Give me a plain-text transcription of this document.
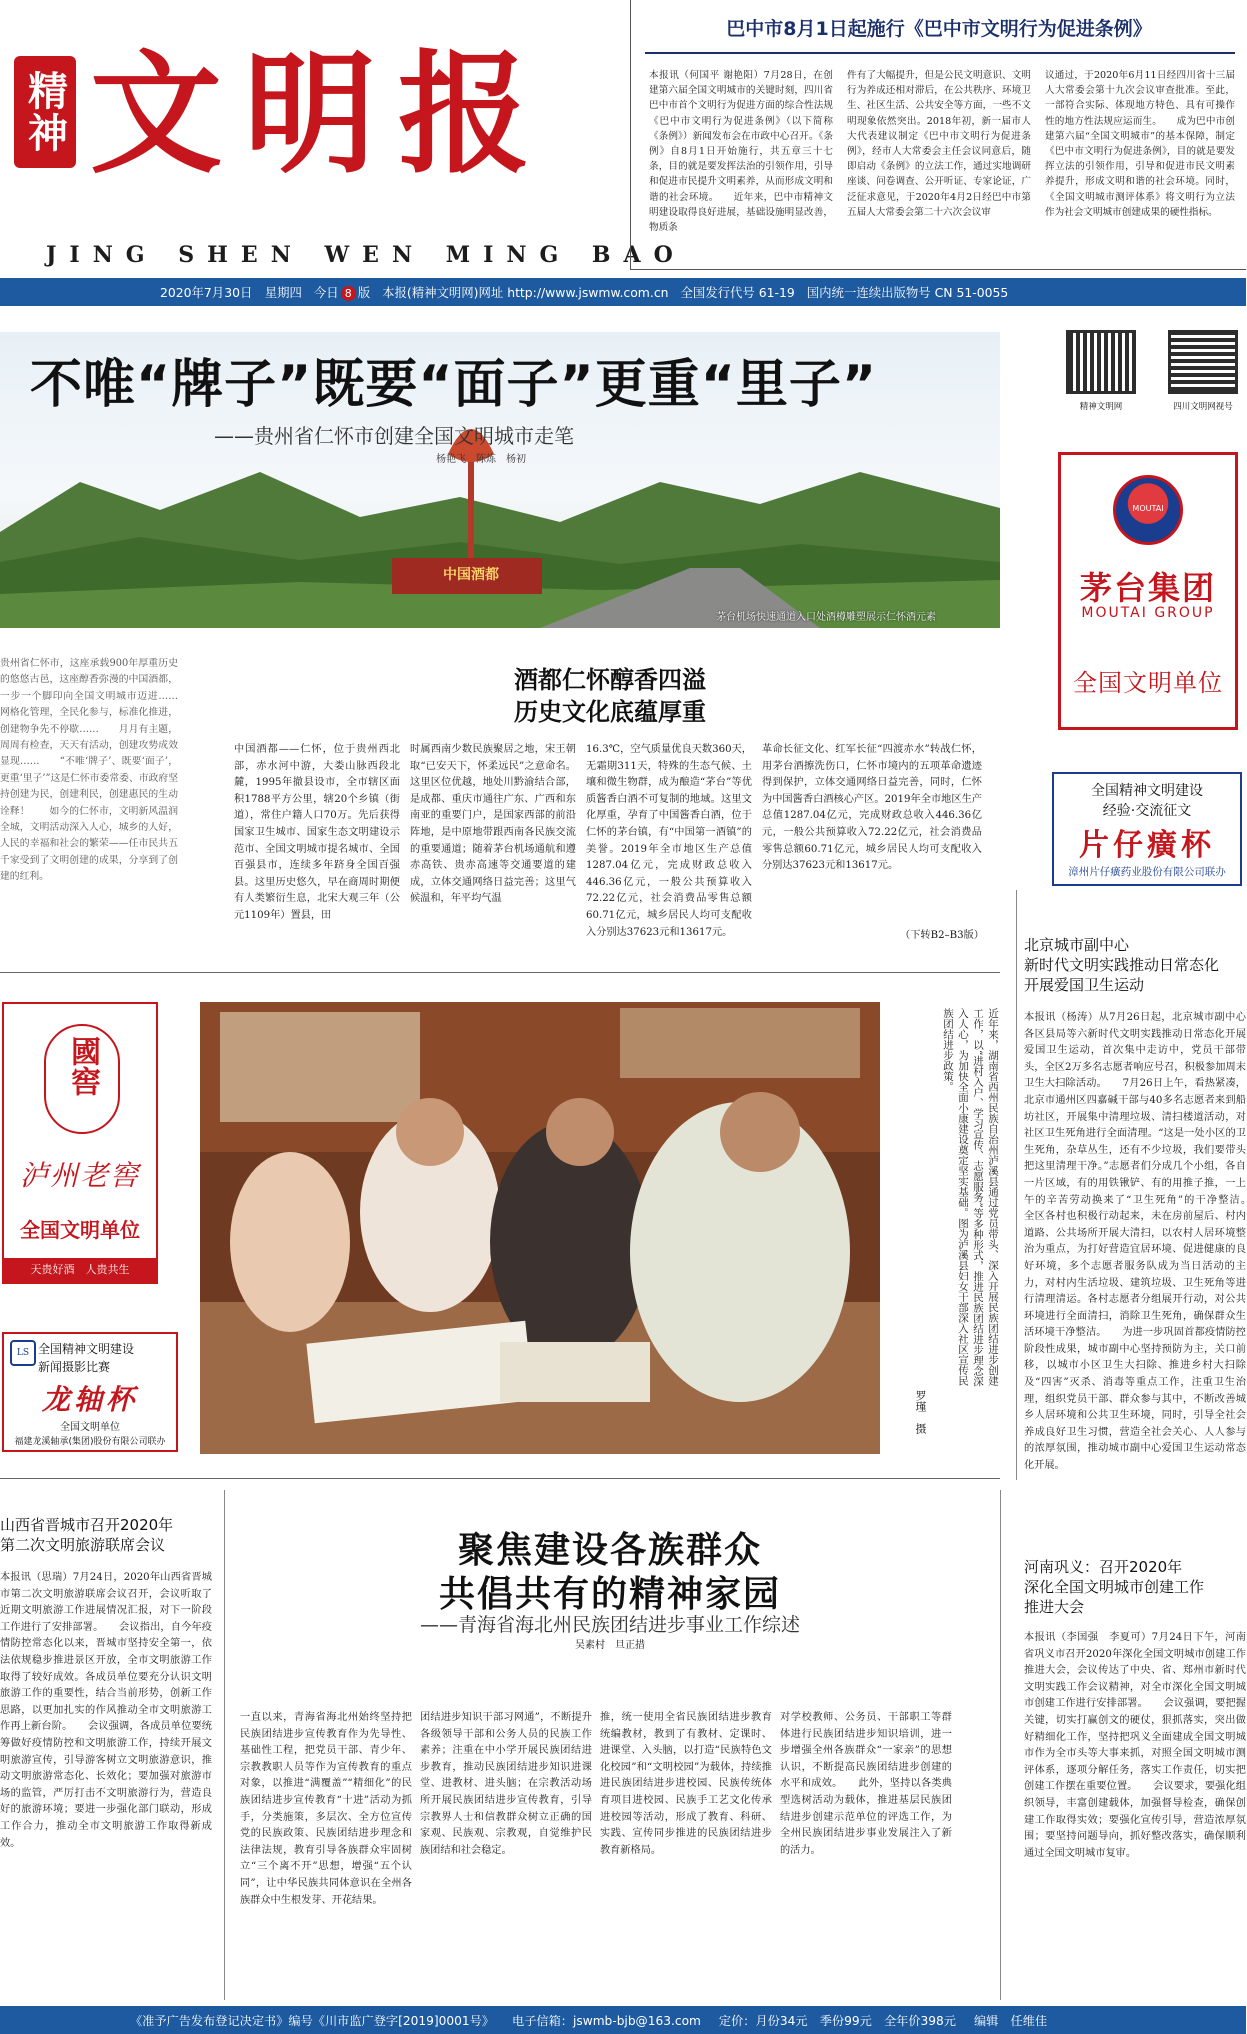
精神 文明报
JING SHEN WEN MING BAO
巴中市8月1日起施行《巴中市文明行为促进条例》
本报讯（何国平 谢艳阳）7月28日，在创建第六届全国文明城市的关键时刻，四川省巴中市首个文明行为促进方面的综合性法规《巴中市文明行为促进条例》（以下简称《条例》）新闻发布会在市政中心召开。《条例》自8月1日开始施行，共五章三十七条，目的就是要发挥法治的引领作用，引导和促进市民提升文明素养，从而形成文明和谐的社会环境。　　近年来，巴中市精神文明建设取得良好进展，基础设施明显改善，物质条
件有了大幅提升，但是公民文明意识、文明行为养成还相对滞后，在公共秩序、环境卫生、社区生活、公共安全等方面，一些不文明现象依然突出。2018年初，新一届市人大代表建议制定《巴中市文明行为促进条例》，经市人大常委会主任会议同意后，随即启动《条例》的立法工作，通过实地调研座谈、问卷调查、公开听证、专家论证，广泛征求意见，于2020年4月2日经巴中市第五届人大常委会第二十六次会议审
议通过，于2020年6月11日经四川省十三届人大常委会第十九次会议审查批准。至此，一部符合实际、体现地方特色、具有可操作性的地方性法规应运而生。　　成为巴中市创建第六届“全国文明城市”的基本保障，制定《巴中市文明行为促进条例》，目的就是要发挥立法的引领作用，引导和促进市民文明素养提升，形成文明和谐的社会环境。同时，《全国文明城市测评体系》将文明行为立法作为社会文明城市创建成果的硬性指标。
2020年7月30日　星期四 今日 8 版 本报(精神文明网)网址 http://www.jswmw.com.cn 全国发行代号 61-19 国内统一连续出版物号 CN 51-0055
不唯“牌子”既要“面子”更重“里子”
——贵州省仁怀市创建全国文明城市走笔
杨艳飞　陈炼　杨初
中国酒都
茅台机场快速通道入口处酒樽雕塑展示仁怀酒元素
精神文明网	四川文明网视号
MOUTAI
茅台集团
MOUTAI GROUP
全国文明单位
全国精神文明建设
经验·交流征文
片仔癀杯
漳州片仔癀药业股份有限公司联办
贵州省仁怀市，这座承载900年厚重历史的悠悠古邑，这座醇香弥漫的中国酒都，一步一个脚印向全国文明城市迈进……　　网格化管理，全民化参与，标准化推进，创建物争先不停歇……　　月月有主题，周周有检查，天天有活动，创建攻势成效显现……　　“不唯‘牌子’、既要‘面子’，更重‘里子’”这是仁怀市委常委、市政府坚持创建为民，创建利民，创建惠民的生动诠释！　　如今的仁怀市，文明新风温润全城，文明活动深入人心，城乡的人好，人民的幸福和社会的繁荣——任市民共五千家受到了文明创建的成果，分享到了创建的红利。
酒都仁怀醇香四溢
历史文化底蕴厚重
中国酒都——仁怀，位于贵州西北部，赤水河中游，大娄山脉西段北麓，1995年撤县设市，全市辖区面积1788平方公里，辖20个乡镇（街道），常住户籍人口70万。先后获得国家卫生城市、国家生态文明建设示范市、全国文明城市提名城市、全国百强县市，连续多年跻身全国百强县。这里历史悠久，早在商周时期便有人类繁衍生息，北宋大观三年（公元1109年）置县，田
时属西南少数民族聚居之地，宋王朝取“已安天下，怀柔远民”之意命名。这里区位优越，地处川黔渝结合部，是成都、重庆市通往广东、广西和东南亚的重要门户，是国家西部的前沿阵地，是中原地带跟西南各民族交流的重要通道；随着茅台机场通航和遵赤高铁、贵赤高速等交通要道的建成，立体交通网络日益完善；这里气候温和，年平均气温
16.3℃，空气质量优良天数360天，无霜期311天，特殊的生态气候、土壤和微生物群，成为酿造“茅台”等优质酱香白酒不可复制的地域。这里文化厚重，孕育了中国酱香白酒，位于仁怀的茅台镇，有“中国第一酒镇”的美誉。2019年全市地区生产总值1287.04亿元，完成财政总收入446.36亿元，一般公共预算收入72.22亿元，社会消费品零售总额60.71亿元，城乡居民人均可支配收入分别达37623元和13617元。
革命长征文化、红军长征“四渡赤水”转战仁怀，用茅台酒擦洗伤口，仁怀市境内的五项革命遗迹得到保护，立体交通网络日益完善，同时，仁怀为中国酱香白酒核心产区。2019年全市地区生产总值1287.04亿元，完成财政总收入446.36亿元，一般公共预算收入72.22亿元，社会消费品零售总额60.71亿元，城乡居民人均可支配收入分别达37623元和13617元。
（下转B2–B3版）
北京城市副中心
新时代文明实践推动日常态化
开展爱国卫生运动
本报讯（杨涛）从7月26日起，北京城市副中心各区县局等六新时代文明实践推动日常态化开展爱国卫生运动，首次集中走访中，党员干部带头，全区2万多名志愿者响应号召，积极参加周末卫生大扫除活动。　　7月26日上午，看热紧凑，北京市通州区四嘉碱干部与40多名志愿者来到船坊社区，开展集中清理垃圾、清扫楼道活动，对社区卫生死角进行全面清理。“这是一处小区的卫生死角，杂草丛生，还有不少垃圾，我们要带头把这里清理干净。”志愿者们分成几个小组，各自一片区域，有的用铁锹铲、有的用推子推，一上午的辛苦劳动换来了“卫生死角”的干净整洁。　　全区各村也积极行动起来，未在房前屋后、村内道路、公共场所开展大清扫，以农村人居环境整治为重点，为打好营造宜居环境、促进健康的良好环境，多个志愿者服务队成为当日活动的主力，对村内生活垃圾、建筑垃圾、卫生死角等进行清理清运。各村志愿者分组展开行动，对公共环境进行全面清扫，消除卫生死角，确保群众生活环境干净整洁。　　为进一步巩固首都疫情防控阶段性成果，城市副中心坚持预防为主，关口前移，以城市小区卫生大扫除、推进乡村大扫除及“四害”灭杀、消毒等重点工作，注重卫生治理，组织党员干部、群众参与其中，不断改善城乡人居环境和公共卫生环境，同时，引导全社会养成良好卫生习惯，营造全社会关心、人人参与的浓厚氛围，推动城市副中心爱国卫生运动常态化开展。
國窖
泸州老窖
全国文明单位
天贵好酒　人贵共生
LS 全国精神文明建设
新闻摄影比赛
龙轴杯
全国文明单位
福建龙溪轴承(集团)股份有限公司联办
近年来，湖南省西州民族自治州泸溪县通过党员带头、深入开展民族团结进步创建工作，以“进村入户、学习宣传、志愿服务”等多种形式，推进民族团结进步理念深入人心，为加快全面小康建设奠定坚实基础。图为泸溪县妇女干部深入社区宣传民族团结进步政策。
罗瑾　摄
山西省晋城市召开2020年
第二次文明旅游联席会议
本报讯（思瑞）7月24日，2020年山西省晋城市第二次文明旅游联席会议召开，会议听取了近期文明旅游工作进展情况汇报，对下一阶段工作进行了安排部署。　　会议指出，自今年疫情防控常态化以来，晋城市坚持安全第一，依法依规稳步推进景区开放，全市文明旅游工作取得了较好成效。各成员单位要充分认识文明旅游工作的重要性，结合当前形势，创新工作思路，以更加扎实的作风推动全市文明旅游工作再上新台阶。　　会议强调，各成员单位要统筹做好疫情防控和文明旅游工作，持续开展文明旅游宣传，引导游客树立文明旅游意识，推动文明旅游常态化、长效化；要加强对旅游市场的监管，严厉打击不文明旅游行为，营造良好的旅游环境；要进一步强化部门联动，形成工作合力，推动全市文明旅游工作取得新成效。
聚焦建设各族群众
共倡共有的精神家园
——青海省海北州民族团结进步事业工作综述
吴素村　旦正措
一直以来，青海省海北州始终坚持把民族团结进步宣传教育作为先导性、基础性工程，把党员干部、青少年、宗教教职人员等作为宣传教育的重点对象，以推进“满覆盖”“精细化”的民族团结进步宣传教育“十进”活动为抓手，分类施策，多层次、全方位宣传党的民族政策、民族团结进步理念和法律法规，教育引导各族群众牢固树立“三个离不开”思想，增强“五个认同”，让中华民族共同体意识在全州各族群众中生根发芽、开花结果。
团结进步知识干部习网通”，不断提升各级领导干部和公务人员的民族工作素养；注重在中小学开展民族团结进步教育，推动民族团结进步知识进课堂、进教材、进头脑；在宗教活动场所开展民族团结进步宣传教育，引导宗教界人士和信教群众树立正确的国家观、民族观、宗教观，自觉维护民族团结和社会稳定。
推，统一使用全省民族团结进步教育统编教材，教到了有教材、定课时、进课堂、入头脑，以打造“民族特色文化校园”和“文明校园”为载体，持续推进民族团结进步进校园、民族传统体育项目进校园、民族手工艺文化传承进校园等活动，形成了教育、科研、实践、宣传同步推进的民族团结进步教育新格局。
对学校教师、公务员、干部职工等群体进行民族团结进步知识培训，进一步增强全州各族群众“一家亲”的思想认识，不断提高民族团结进步创建的水平和成效。　　此外，坚持以各类典型选树活动为载体，推进基层民族团结进步创建示范单位的评选工作，为全州民族团结进步事业发展注入了新的活力。
河南巩义：召开2020年
深化全国文明城市创建工作
推进大会
本报讯（李国强　李夏可）7月24日下午，河南省巩义市召开2020年深化全国文明城市创建工作推进大会，会议传达了中央、省、郑州市新时代文明实践工作会议精神，对全市深化全国文明城市创建工作进行安排部署。　　会议强调，要把握关键，切实打赢创文的硬仗，狠抓落实，突出做好精细化工作，坚持把巩义全面建成全国文明城市作为全市头等大事来抓，对照全国文明城市测评体系，逐项分解任务，落实工作责任，切实把创建工作摆在重要位置。　　会议要求，要强化组织领导，丰富创建载体，加强督导检查，确保创建工作取得实效；要强化宣传引导，营造浓厚氛围；要坚持问题导向，抓好整改落实，确保顺利通过全国文明城市复审。
《准予广告发布登记决定书》编号《川市监广登字[2019]0001号》 电子信箱：jswmb-bjb@163.com 定价：月份34元　季份99元　全年价398元 编辑　任维佳
